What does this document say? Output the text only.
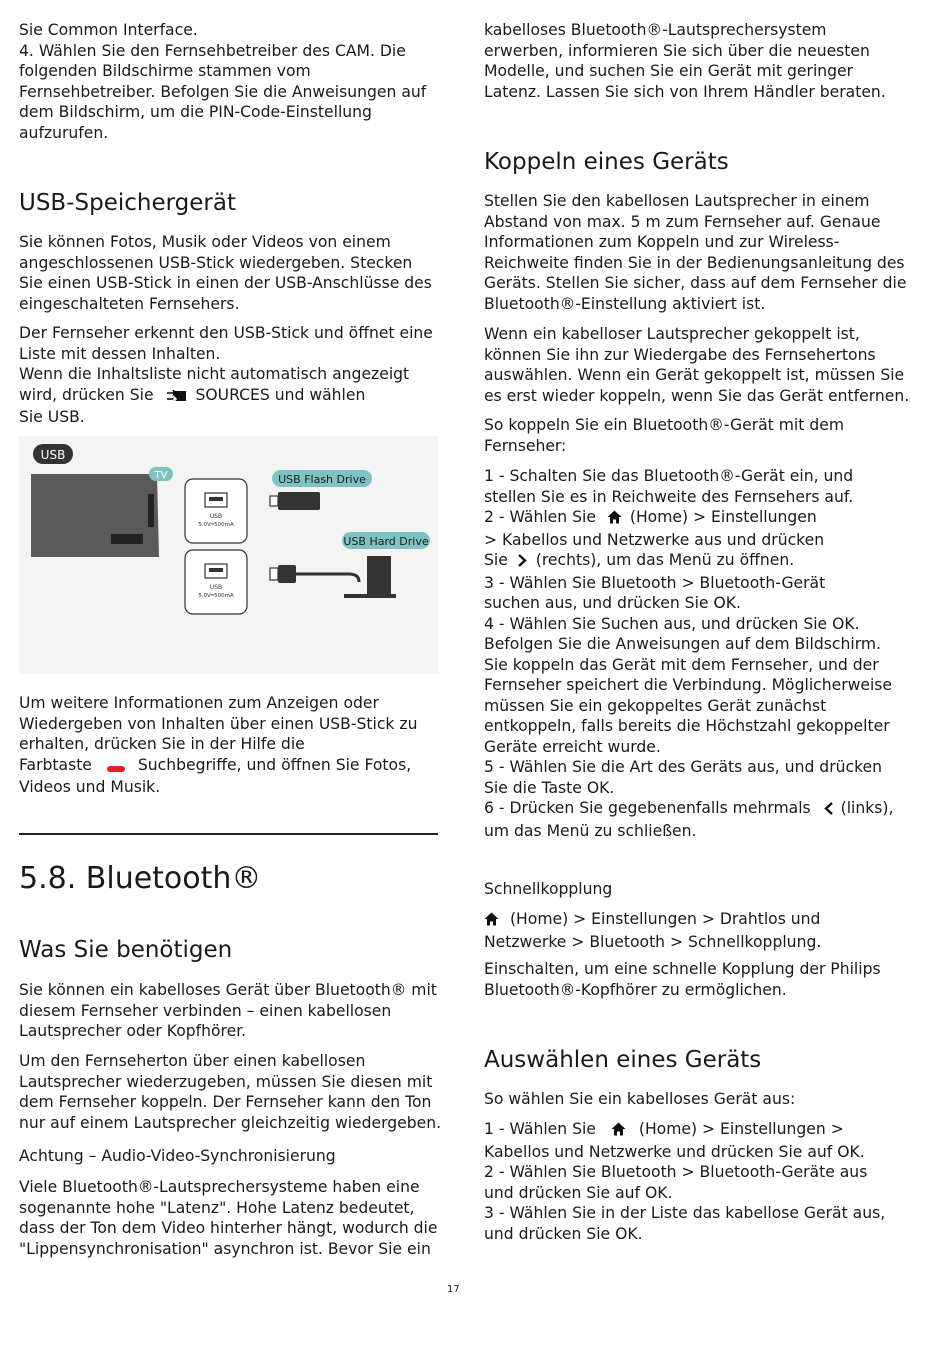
Sie Common Interface.
4. Wählen Sie den Fernsehbetreiber des CAM. Die
folgenden Bildschirme stammen vom
Fernsehbetreiber. Befolgen Sie die Anweisungen auf
dem Bildschirm, um die PIN-Code-Einstellung
aufzurufen.
USB-Speichergerät
Sie können Fotos, Musik oder Videos von einem
angeschlossenen USB-Stick wiedergeben. Stecken
Sie einen USB-Stick in einen der USB-Anschlüsse des
eingeschalteten Fernsehers.
Der Fernseher erkennt den USB-Stick und öffnet eine
Liste mit dessen Inhalten.
Wenn die Inhaltsliste nicht automatisch angezeigt
wird, drücken Sie	SOURCES und wählen
Sie USB.
USB
TV
USB
5.0V═500mA
USB
5.0V═500mA
USB Flash Drive
USB Hard Drive
Um weitere Informationen zum Anzeigen oder
Wiedergeben von Inhalten über einen USB-Stick zu
erhalten, drücken Sie in der Hilfe die
Farbtaste	Suchbegriffe, und öffnen Sie Fotos,
Videos und Musik.
5.8. Bluetooth®
Was Sie benötigen
Sie können ein kabelloses Gerät über Bluetooth® mit
diesem Fernseher verbinden – einen kabellosen
Lautsprecher oder Kopfhörer.
Um den Fernseherton über einen kabellosen
Lautsprecher wiederzugeben, müssen Sie diesen mit
dem Fernseher koppeln. Der Fernseher kann den Ton
nur auf einem Lautsprecher gleichzeitig wiedergeben.
Achtung – Audio-Video-Synchronisierung
Viele Bluetooth®-Lautsprechersysteme haben eine
sogenannte hohe "Latenz". Hohe Latenz bedeutet,
dass der Ton dem Video hinterher hängt, wodurch die
"Lippensynchronisation" asynchron ist. Bevor Sie ein
kabelloses Bluetooth®-Lautsprechersystem
erwerben, informieren Sie sich über die neuesten
Modelle, und suchen Sie ein Gerät mit geringer
Latenz. Lassen Sie sich von Ihrem Händler beraten.
Koppeln eines Geräts
Stellen Sie den kabellosen Lautsprecher in einem
Abstand von max. 5 m zum Fernseher auf. Genaue
Informationen zum Koppeln und zur Wireless-
Reichweite finden Sie in der Bedienungsanleitung des
Geräts. Stellen Sie sicher, dass auf dem Fernseher die
Bluetooth®-Einstellung aktiviert ist.
Wenn ein kabelloser Lautsprecher gekoppelt ist,
können Sie ihn zur Wiedergabe des Fernsehertons
auswählen. Wenn ein Gerät gekoppelt ist, müssen Sie
es erst wieder koppeln, wenn Sie das Gerät entfernen.
So koppeln Sie ein Bluetooth®-Gerät mit dem
Fernseher:
1 - Schalten Sie das Bluetooth®-Gerät ein, und
stellen Sie es in Reichweite des Fernsehers auf.
2 - Wählen Sie (Home) > Einstellungen
> Kabellos und Netzwerke aus und drücken
Sie (rechts), um das Menü zu öffnen.
3 - Wählen Sie Bluetooth > Bluetooth-Gerät
suchen aus, und drücken Sie OK.
4 - Wählen Sie Suchen aus, und drücken Sie OK.
Befolgen Sie die Anweisungen auf dem Bildschirm.
Sie koppeln das Gerät mit dem Fernseher, und der
Fernseher speichert die Verbindung. Möglicherweise
müssen Sie ein gekoppeltes Gerät zunächst
entkoppeln, falls bereits die Höchstzahl gekoppelter
Geräte erreicht wurde.
5 - Wählen Sie die Art des Geräts aus, und drücken
Sie die Taste OK.
6 - Drücken Sie gegebenenfalls mehrmals (links),
um das Menü zu schließen.
Schnellkopplung
(Home) > Einstellungen > Drahtlos und
Netzwerke > Bluetooth > Schnellkopplung.
Einschalten, um eine schnelle Kopplung der Philips
Bluetooth®-Kopfhörer zu ermöglichen.
Auswählen eines Geräts
So wählen Sie ein kabelloses Gerät aus:
1 - Wählen Sie	(Home) > Einstellungen >
Kabellos und Netzwerke und drücken Sie auf OK.
2 - Wählen Sie Bluetooth > Bluetooth-Geräte aus
und drücken Sie auf OK.
3 - Wählen Sie in der Liste das kabellose Gerät aus,
und drücken Sie OK.
17
